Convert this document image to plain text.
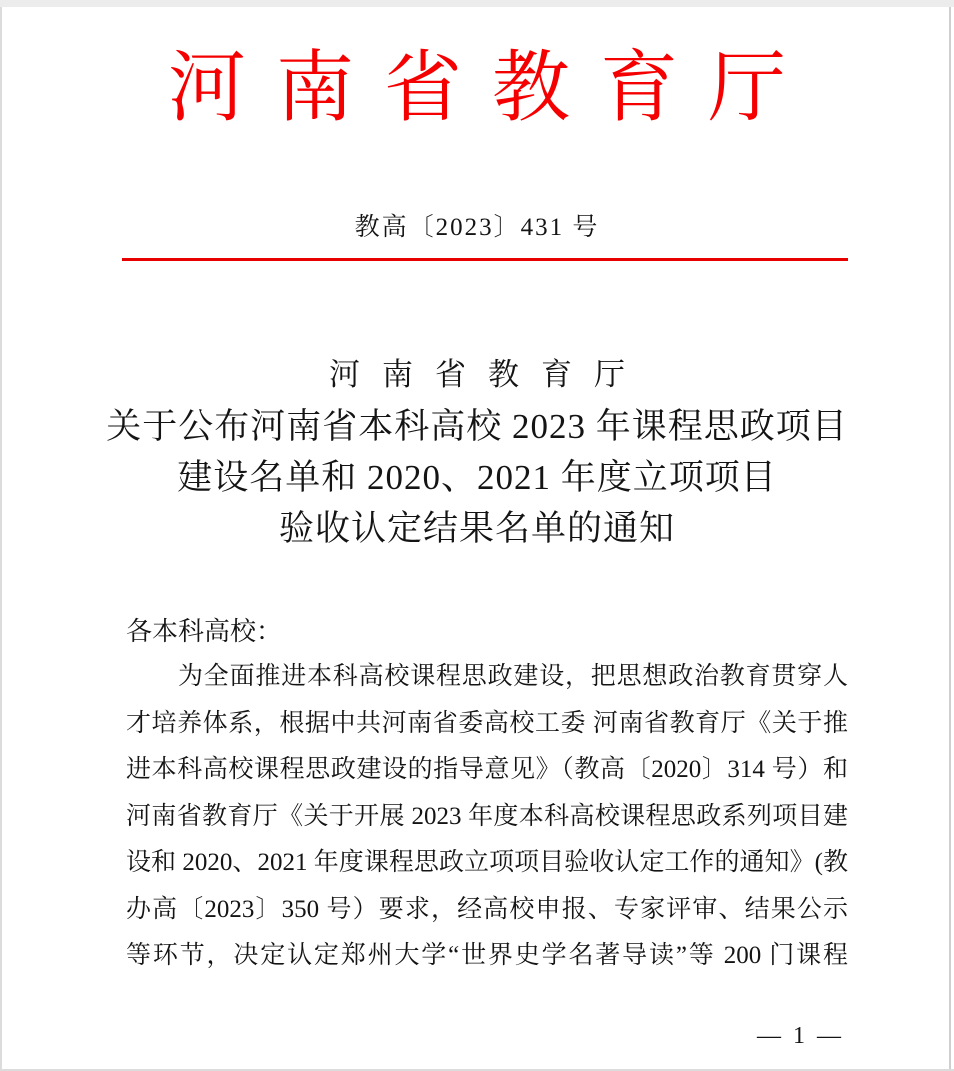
河南省教育厅
教高〔2023〕431 号
河南省教育厅
关于公布河南省本科高校 2023 年课程思政项目
建设名单和 2020、2021 年度立项项目
验收认定结果名单的通知
各本科高校：
为全面推进本科高校课程思政建设，把思想政治教育贯穿人
才培养体系，根据中共河南省委高校工委 河南省教育厅《关于推
进本科高校课程思政建设的指导意见》（教高〔2020〕314 号）和
河南省教育厅《关于开展 2023 年度本科高校课程思政系列项目建
设和 2020、2021 年度课程思政立项项目验收认定工作的通知》(教
办高〔2023〕350 号）要求，经高校申报、专家评审、结果公示
等环节，决定认定郑州大学“世界史学名著导读”等 200 门课程
— 1 —
